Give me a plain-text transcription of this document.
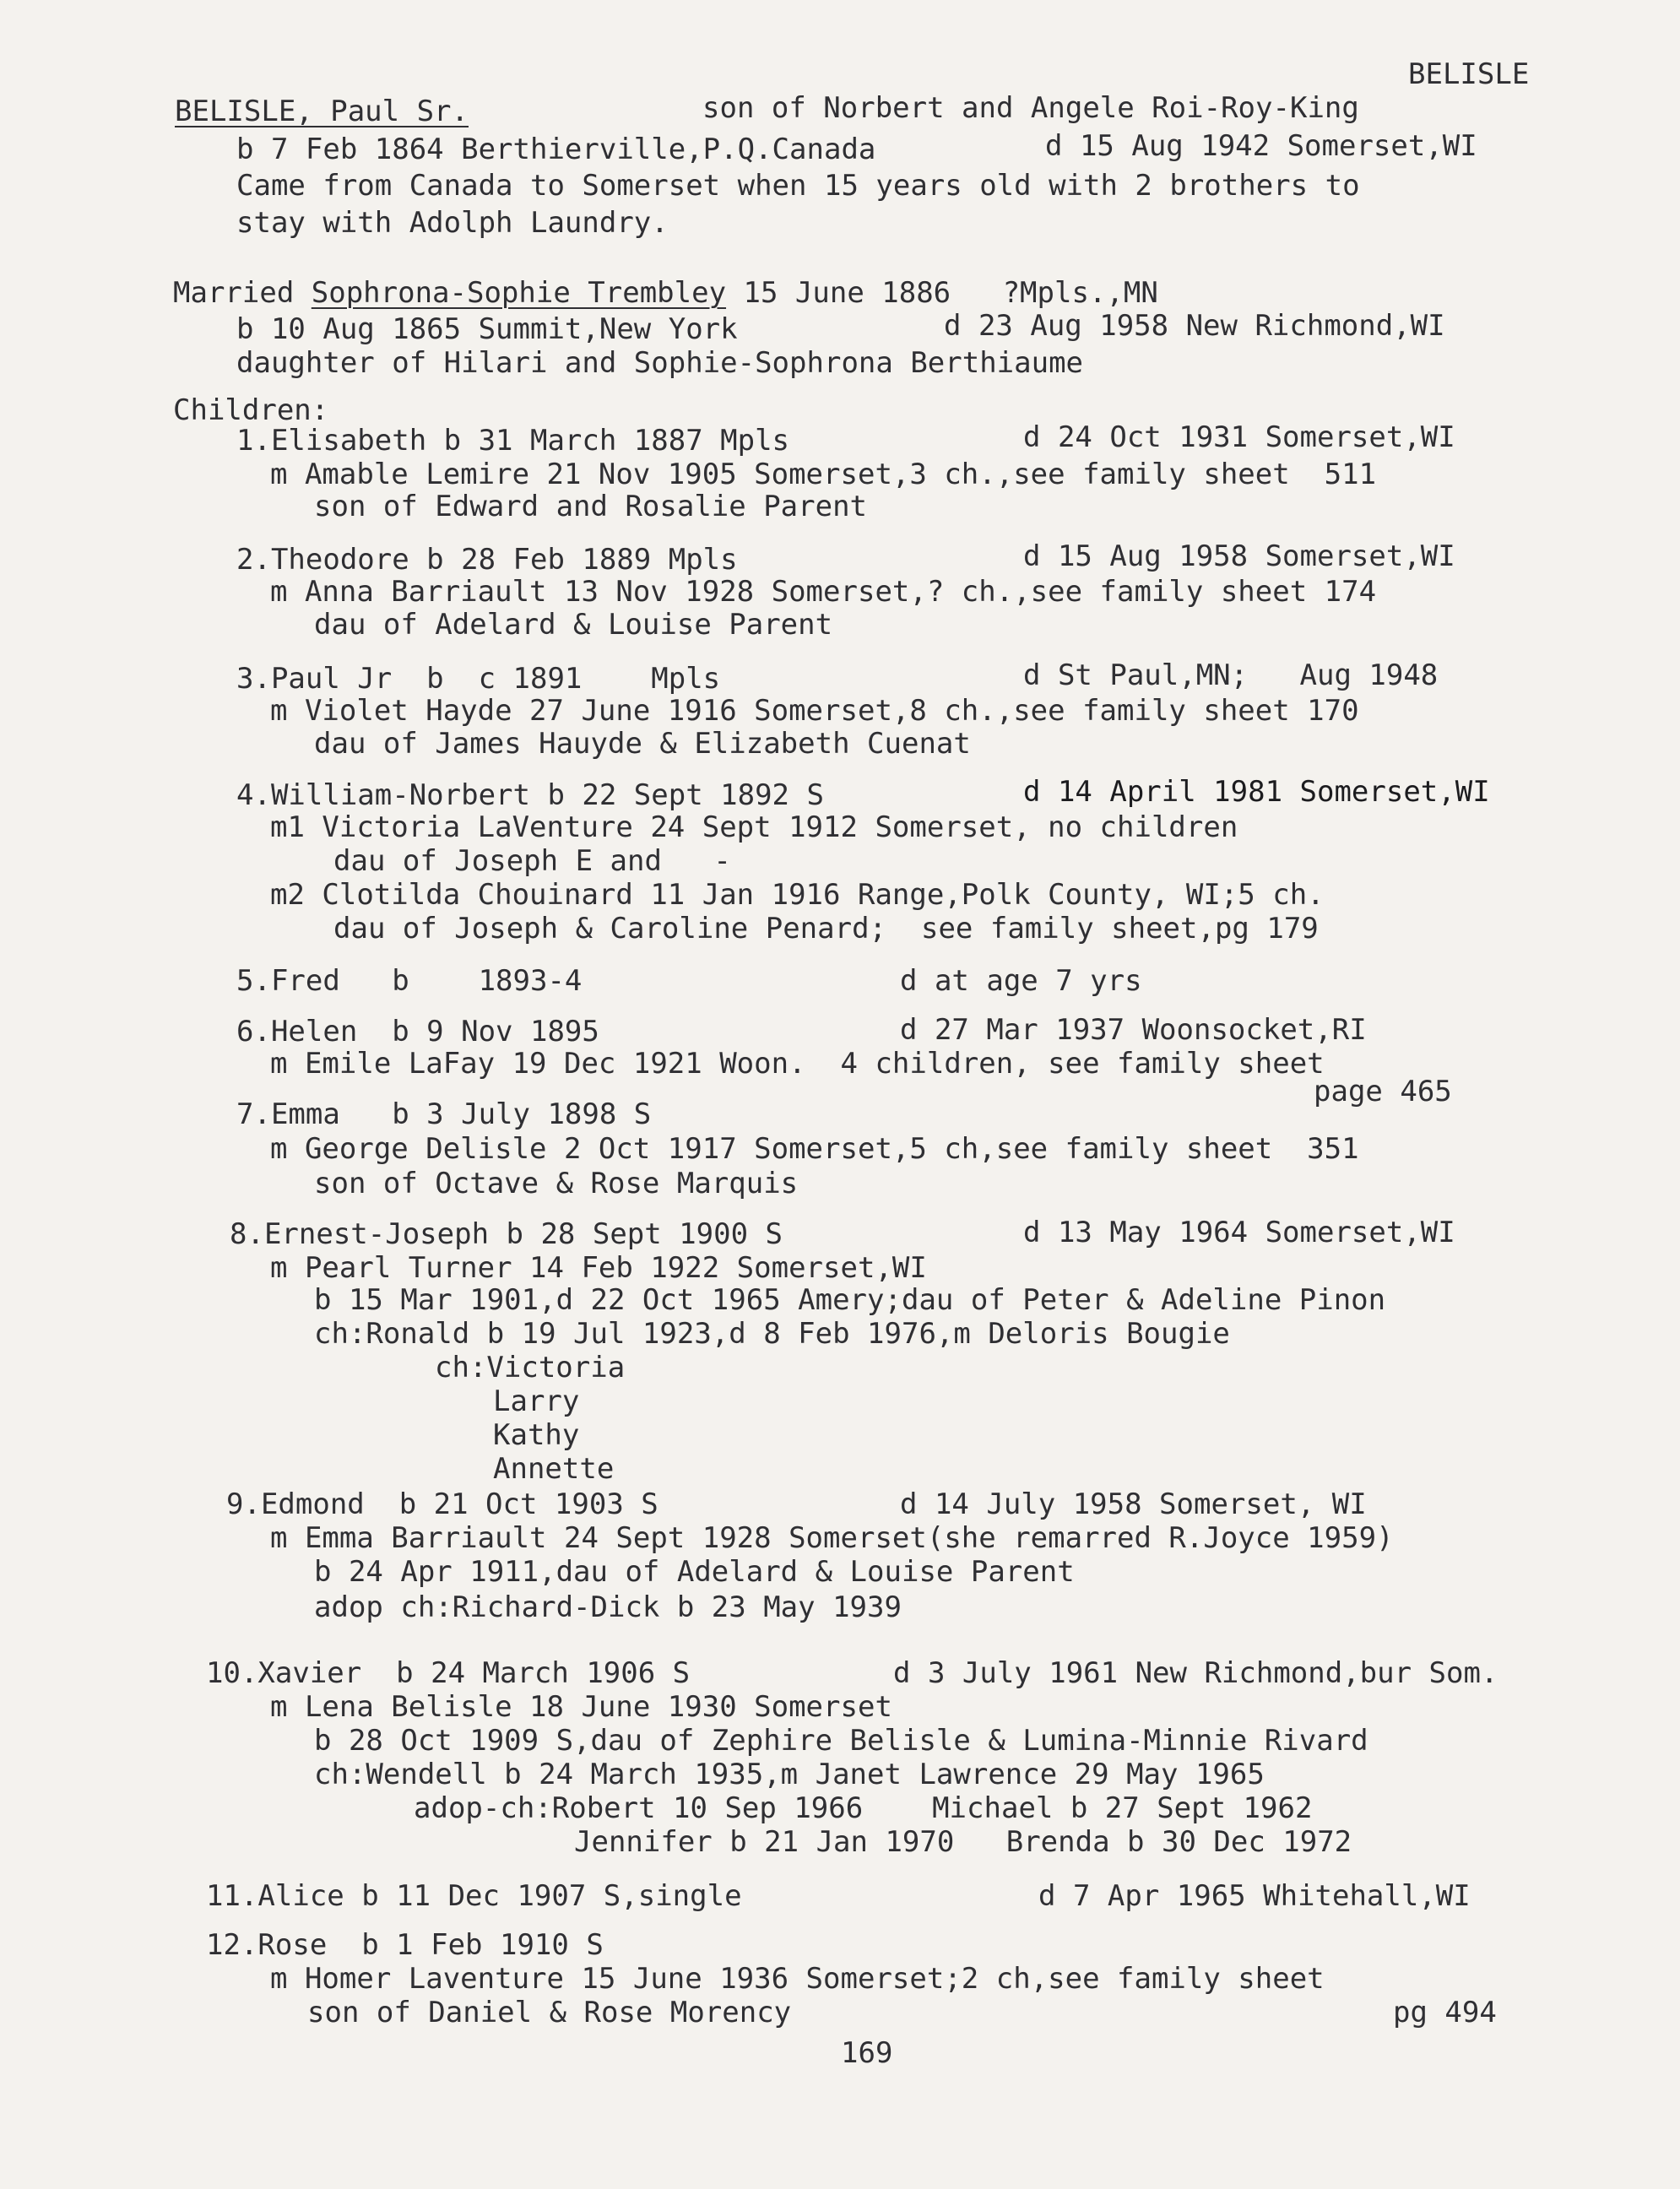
BELISLE
BELISLE, Paul Sr.	son of Norbert and Angele Roi-Roy-King
b 7 Feb 1864 Berthierville,P.Q.Canada	d 15 Aug 1942 Somerset,WI
Came from Canada to Somerset when 15 years old with 2 brothers to
stay with Adolph Laundry.
Married Sophrona-Sophie Trembley 15 June 1886   ?Mpls.,MN
b 10 Aug 1865 Summit,New York	d 23 Aug 1958 New Richmond,WI
daughter of Hilari and Sophie-Sophrona Berthiaume
Children:
1.Elisabeth b 31 March 1887 Mpls	d 24 Oct 1931 Somerset,WI
m Amable Lemire 21 Nov 1905 Somerset,3 ch.,see family sheet  511
son of Edward and Rosalie Parent
2.Theodore b 28 Feb 1889 Mpls	d 15 Aug 1958 Somerset,WI
m Anna Barriault 13 Nov 1928 Somerset,? ch.,see family sheet 174
dau of Adelard & Louise Parent
3.Paul Jr  b  c 1891    Mpls	d St Paul,MN;   Aug 1948
m Violet Hayde 27 June 1916 Somerset,8 ch.,see family sheet 170
dau of James Hauyde & Elizabeth Cuenat
4.William-Norbert b 22 Sept 1892 S	d 14 April 1981 Somerset,WI
m1 Victoria LaVenture 24 Sept 1912 Somerset, no children
dau of Joseph E and   -
m2 Clotilda Chouinard 11 Jan 1916 Range,Polk County, WI;5 ch.
dau of Joseph & Caroline Penard;  see family sheet,pg 179
5.Fred   b    1893-4	d at age 7 yrs
6.Helen  b 9 Nov 1895	d 27 Mar 1937 Woonsocket,RI
m Emile LaFay 19 Dec 1921 Woon.  4 children, see family sheet
page 465
7.Emma   b 3 July 1898 S
m George Delisle 2 Oct 1917 Somerset,5 ch,see family sheet  351
son of Octave & Rose Marquis
8.Ernest-Joseph b 28 Sept 1900 S	d 13 May 1964 Somerset,WI
m Pearl Turner 14 Feb 1922 Somerset,WI
b 15 Mar 1901,d 22 Oct 1965 Amery;dau of Peter & Adeline Pinon
ch:Ronald b 19 Jul 1923,d 8 Feb 1976,m Deloris Bougie
ch:Victoria
Larry
Kathy
Annette
9.Edmond  b 21 Oct 1903 S	d 14 July 1958 Somerset, WI
m Emma Barriault 24 Sept 1928 Somerset(she remarred R.Joyce 1959)
b 24 Apr 1911,dau of Adelard & Louise Parent
adop ch:Richard-Dick b 23 May 1939
10.Xavier  b 24 March 1906 S	d 3 July 1961 New Richmond,bur Som.
m Lena Belisle 18 June 1930 Somerset
b 28 Oct 1909 S,dau of Zephire Belisle & Lumina-Minnie Rivard
ch:Wendell b 24 March 1935,m Janet Lawrence 29 May 1965
adop-ch:Robert 10 Sep 1966    Michael b 27 Sept 1962
Jennifer b 21 Jan 1970   Brenda b 30 Dec 1972
11.Alice b 11 Dec 1907 S,single	d 7 Apr 1965 Whitehall,WI
12.Rose  b 1 Feb 1910 S
m Homer Laventure 15 June 1936 Somerset;2 ch,see family sheet
son of Daniel & Rose Morency	pg 494
169
